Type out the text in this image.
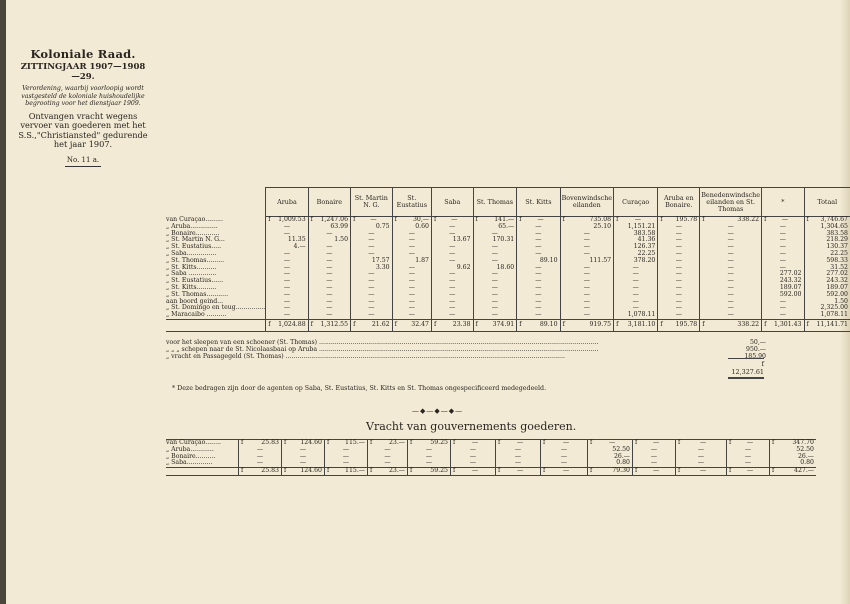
Koloniale Raad.
ZITTINGJAAR 1907—1908—29.
Verordening, waarbij voorloopig wordt vastgesteld de koloniale huishoudelijke begrooting voor het dienstjaar 1909.
Ontvangen vracht wegens vervoer van goederen met het S.S.,"Christiansted" gedurende het jaar 1907.
No. 11 a.
	Aruba	Bonaire	St. Martin N. G.	St. Eustatius	Saba	St. Thomas	St. Kitts	Bovenwindsche eilanden	Curaçao	Aruba en Bonaire.	Benedenwindsche eilanden en St. Thomas	*	Totaal
van Curaçao.........	f 1,009.53	f 1,247.06	f —	f 30,—	f —	f 141.—	f —	f 735.08	f —	f 195.78	f 338.22	f —	f 3,746.67

„ Aruba..............	—	63.99	0.75	0.60	—	65.—	—	25.10	1,151.21	—	—	—	1,304.65

„ Bonaire............	—	—	—	—	—	—	—	—	383.58	—	—	—	383.58

„ St. Martin N. G...	11.35	1.50	—	—	13.67	170.31	—	—	41.36	—	—	—	218.29

„ St. Eustatius.....	4.—	—	—	—	—	—	—	—	126.37	—	—	—	130.37

„ Saba...............	—	—	—	—	—	—	—	—	22.25	—	—	—	22.25

„ St. Thomas.........	—	—	17.57	1.87	—	—	89.10	111.57	378.20	—	—	—	598.33

„ St. Kitts..........	—	—	3.30	—	9.62	18.60	—	—	—	—	—	—	31.52

„ Saba ..............	—	—	—	—	—	—	—	—	—	—	—	277.02	277.02

„ St. Eustatius......	—	—	—	—	—	—	—	—	—	—	—	243.32	243.32

„ St. Kitts..........	—	—	—	—	—	—	—	—	—	—	—	189.07	189.07

„ St. Thomas...........	—	—	—	—	—	—	—	—	—	—	—	592.00	592.00

aan boord geind...	—	—	—	—	—	—	—	—	—	—	—	—	1.50

„ St. Domingo en teug...............	—	—	—	—	—	—	—	—	—	—	—	—	2,325.00

„ Maracaibo ..........	—	—	—	—	—	—	—	—	1,078.11	—	—	—	1,078.11

	f 1,024.88	f 1,312.55	f 21.62	f 32.47	f 23.38	f 374.91	f 89.10	f 919.75	f 3,181.10	f 195.78	f 338.22	f 1,301.43	f 11,141.71
voor het sleepen van een schoener (St. Thomas) ..............................................................................................................................................	50,—
„ „ „ schepen naar de St. Nicolaasbaai op Aruba ..............................................................................................................................................	950.—
„ vracht en Passagegeld (St. Thomas) ..............................................................................................................................................	185.90
f 12,327.61
* Deze bedragen zijn door de agenten op Saba, St. Eustatius, St. Kitts en St. Thomas ongespecificeerd medegedeeld.
—◆—◆—◆—
Vracht van gouvernements goederen.
van Curaçao........	f 25.83	f 124.60	f 115.—	f 23.—	f 59.25	f —	f —	f —	f —	f —	f —	f —	f 347.70

„ Aruba............	—	—	—	—	—	—	—	—	52.50	—	—	—	52.50

„ Bonaire..........	—	—	—	—	—	—	—	—	26.—	—	—	—	26.—

„ Saba.............	—	—	—	—	—	—	—	—	0.80	—	—	—	0.80

	f 25.83	f 124.60	f 115.—	f 23.—	f 59.25	f —	f —	f —	f 79.30	f —	f —	f —	f 427.—
